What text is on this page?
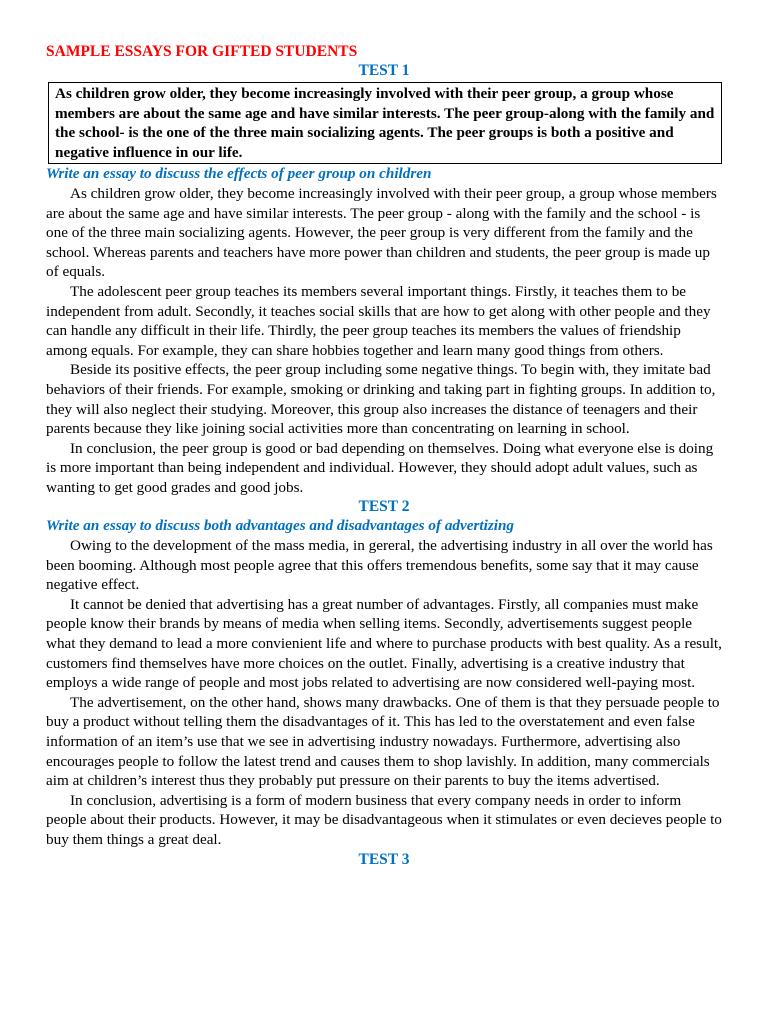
SAMPLE ESSAYS FOR GIFTED STUDENTS
TEST 1
As children grow older, they become increasingly involved with their peer group, a group whose members are about the same age and have similar interests. The peer group-along with the family and the school- is the one of the three main socializing agents. The peer groups is both a positive and negative influence in our life.
Write an essay to discuss the effects of peer group on children

As children grow older, they become increasingly involved with their peer group, a group whose members are about the same age and have similar interests. The peer group - along with the family and the school - is one of the three main socializing agents. However, the peer group is very different from the family and the school. Whereas parents and teachers have more power than children and students, the peer group is made up of equals.

The adolescent peer group teaches its members several important things. Firstly, it teaches them to be independent from adult. Secondly, it teaches social skills that are how to get along with other people and they can handle any difficult in their life. Thirdly, the peer group teaches its members the values of friendship among equals. For example, they can share hobbies together and learn many good things from others.

Beside its positive effects, the peer group including some negative things. To begin with, they imitate bad behaviors of their friends. For example, smoking or drinking and taking part in fighting groups. In addition to, they will also neglect their studying. Moreover, this group also increases the distance of teenagers and their parents because they like joining social activities more than concentrating on learning in school.

In conclusion, the peer group is good or bad depending on themselves. Doing what everyone else is doing is more important than being independent and individual. However, they should adopt adult values, such as wanting to get good grades and good jobs.

TEST 2
Write an essay to discuss both advantages and disadvantages of advertizing

Owing to the development of the mass media, in gereral, the advertising industry in all over the world has been booming. Although most people agree that this offers tremendous benefits, some say that it may cause negative effect.

It cannot be denied that advertising has a great number of advantages. Firstly, all companies must make people know their brands by means of media when selling items. Secondly, advertisements suggest people what they demand to lead a more convienient life and where to purchase products with best quality. As a result, customers find themselves have more choices on the outlet. Finally, advertising is a creative industry that employs a wide range of people and most jobs related to advertising are now considered well-paying most.

The advertisement, on the other hand, shows many drawbacks. One of them is that they persuade people to buy a product without telling them the disadvantages of it. This has led to the overstatement and even false information of an item’s use that we see in advertising industry nowadays. Furthermore, advertising also encourages people to follow the latest trend and causes them to shop lavishly. In addition, many commercials aim at children’s interest thus they probably put pressure on their parents to buy the items advertised.

In conclusion, advertising is a form of modern business that every company needs in order to inform people about their products. However, it may be disadvantageous when it stimulates or even decieves people to buy them things a great deal.

TEST 3
